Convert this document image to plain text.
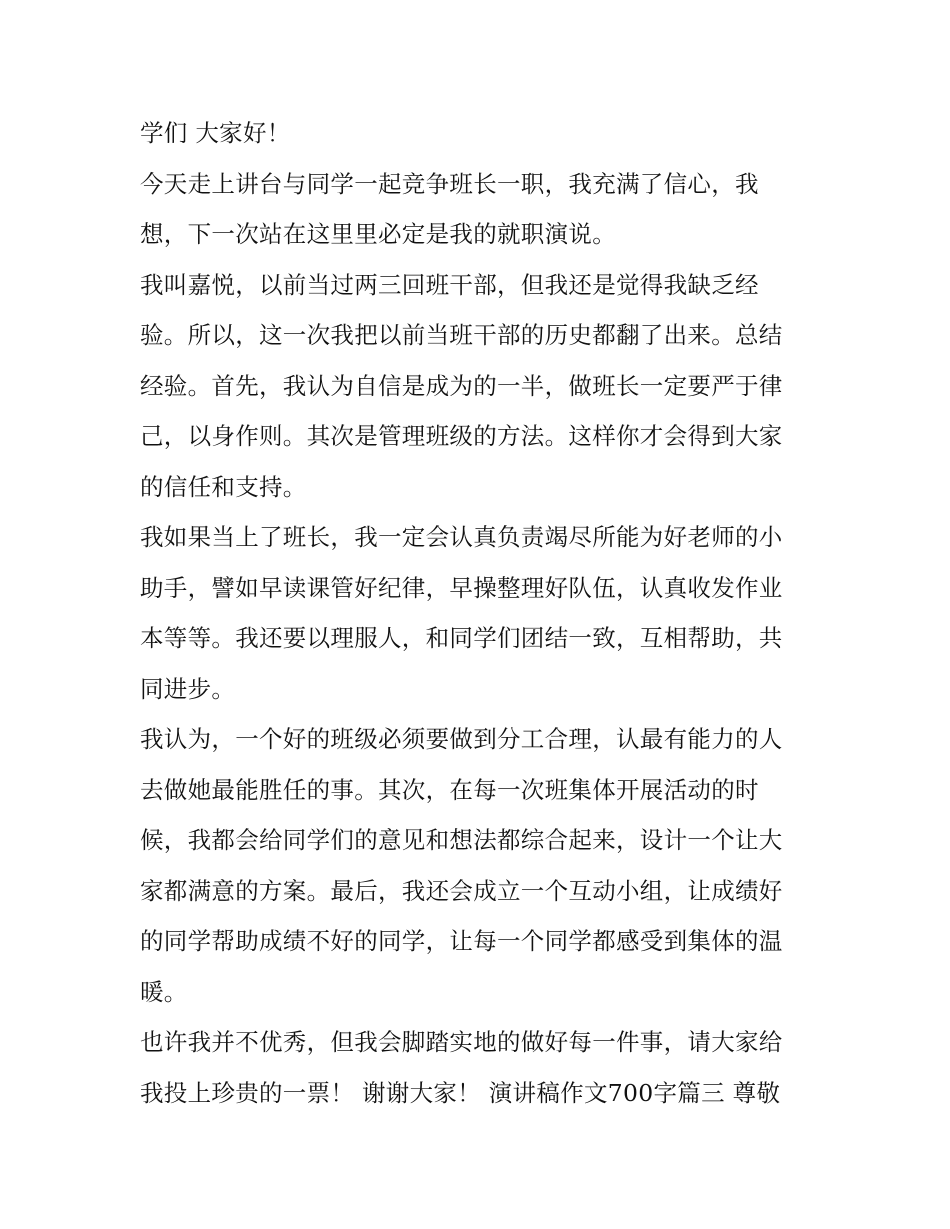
学们 大家好！
今天走上讲台与同学一起竞争班长一职，我充满了信心，我
想，下一次站在这里里必定是我的就职演说。
我叫嘉悦，以前当过两三回班干部，但我还是觉得我缺乏经
验。所以，这一次我把以前当班干部的历史都翻了出来。总结
经验。首先，我认为自信是成为的一半，做班长一定要严于律
己，以身作则。其次是管理班级的方法。这样你才会得到大家
的信任和支持。
我如果当上了班长，我一定会认真负责竭尽所能为好老师的小
助手，譬如早读课管好纪律，早操整理好队伍，认真收发作业
本等等。我还要以理服人，和同学们团结一致，互相帮助，共
同进步。
我认为，一个好的班级必须要做到分工合理，认最有能力的人
去做她最能胜任的事。其次，在每一次班集体开展活动的时
候，我都会给同学们的意见和想法都综合起来，设计一个让大
家都满意的方案。最后，我还会成立一个互动小组，让成绩好
的同学帮助成绩不好的同学，让每一个同学都感受到集体的温
暖。
也许我并不优秀，但我会脚踏实地的做好每一件事，请大家给
我投上珍贵的一票！ 谢谢大家！ 演讲稿作文700字篇三 尊敬
